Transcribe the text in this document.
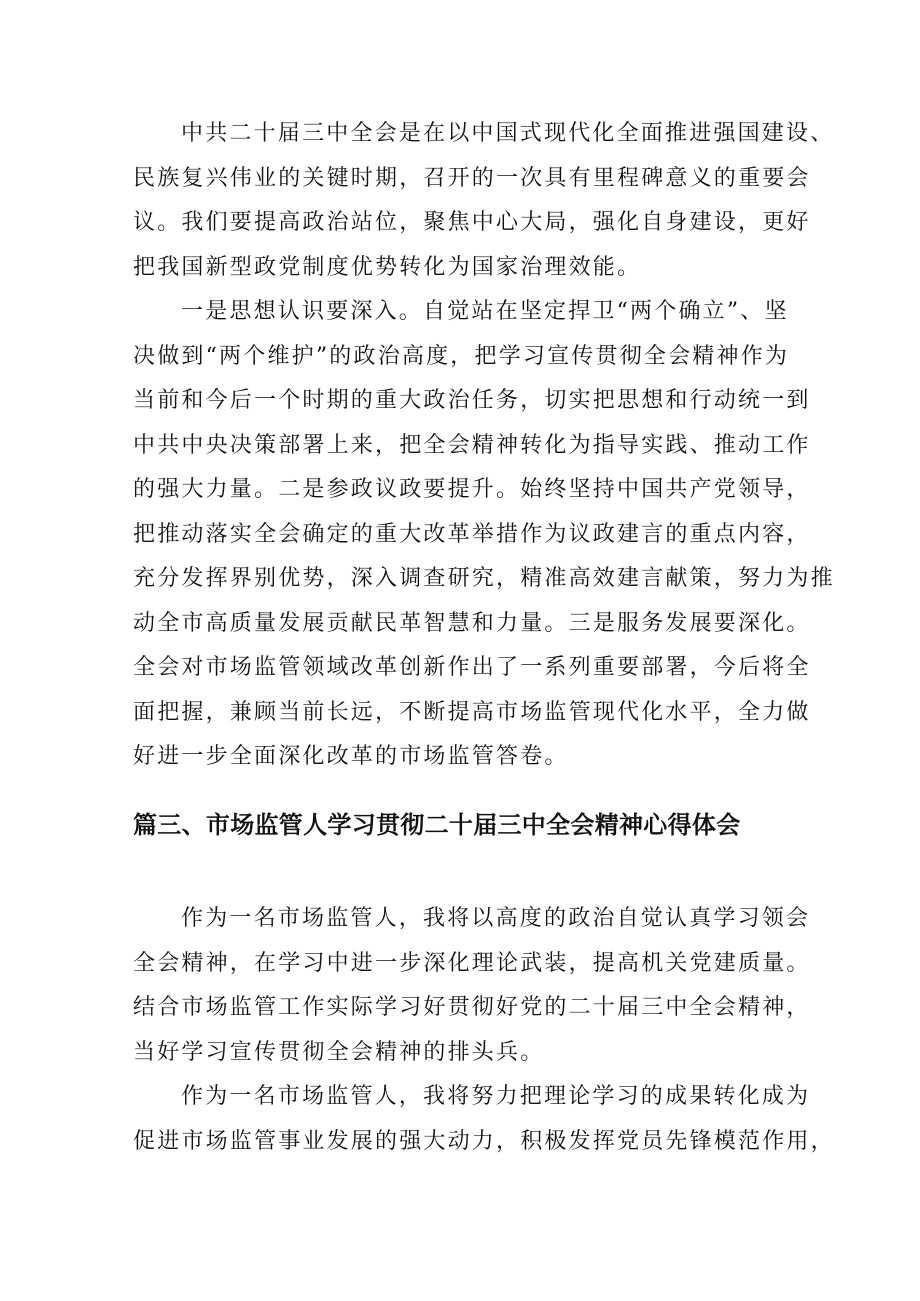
中共二十届三中全会是在以中国式现代化全面推进强国建设、
民族复兴伟业的关键时期，召开的一次具有里程碑意义的重要会
议。我们要提高政治站位，聚焦中心大局，强化自身建设，更好
把我国新型政党制度优势转化为国家治理效能。

一是思想认识要深入。自觉站在坚定捍卫“两个确立”、坚
决做到“两个维护”的政治高度，把学习宣传贯彻全会精神作为
当前和今后一个时期的重大政治任务，切实把思想和行动统一到
中共中央决策部署上来，把全会精神转化为指导实践、推动工作
的强大力量。二是参政议政要提升。始终坚持中国共产党领导，
把推动落实全会确定的重大改革举措作为议政建言的重点内容，
充分发挥界别优势，深入调查研究，精准高效建言献策，努力为推
动全市高质量发展贡献民革智慧和力量。三是服务发展要深化。
全会对市场监管领域改革创新作出了一系列重要部署，今后将全
面把握，兼顾当前长远，不断提高市场监管现代化水平，全力做
好进一步全面深化改革的市场监管答卷。

篇三、市场监管人学习贯彻二十届三中全会精神心得体会

作为一名市场监管人，我将以高度的政治自觉认真学习领会
全会精神，在学习中进一步深化理论武装，提高机关党建质量。
结合市场监管工作实际学习好贯彻好党的二十届三中全会精神，
当好学习宣传贯彻全会精神的排头兵。

作为一名市场监管人，我将努力把理论学习的成果转化成为
促进市场监管事业发展的强大动力，积极发挥党员先锋模范作用，
